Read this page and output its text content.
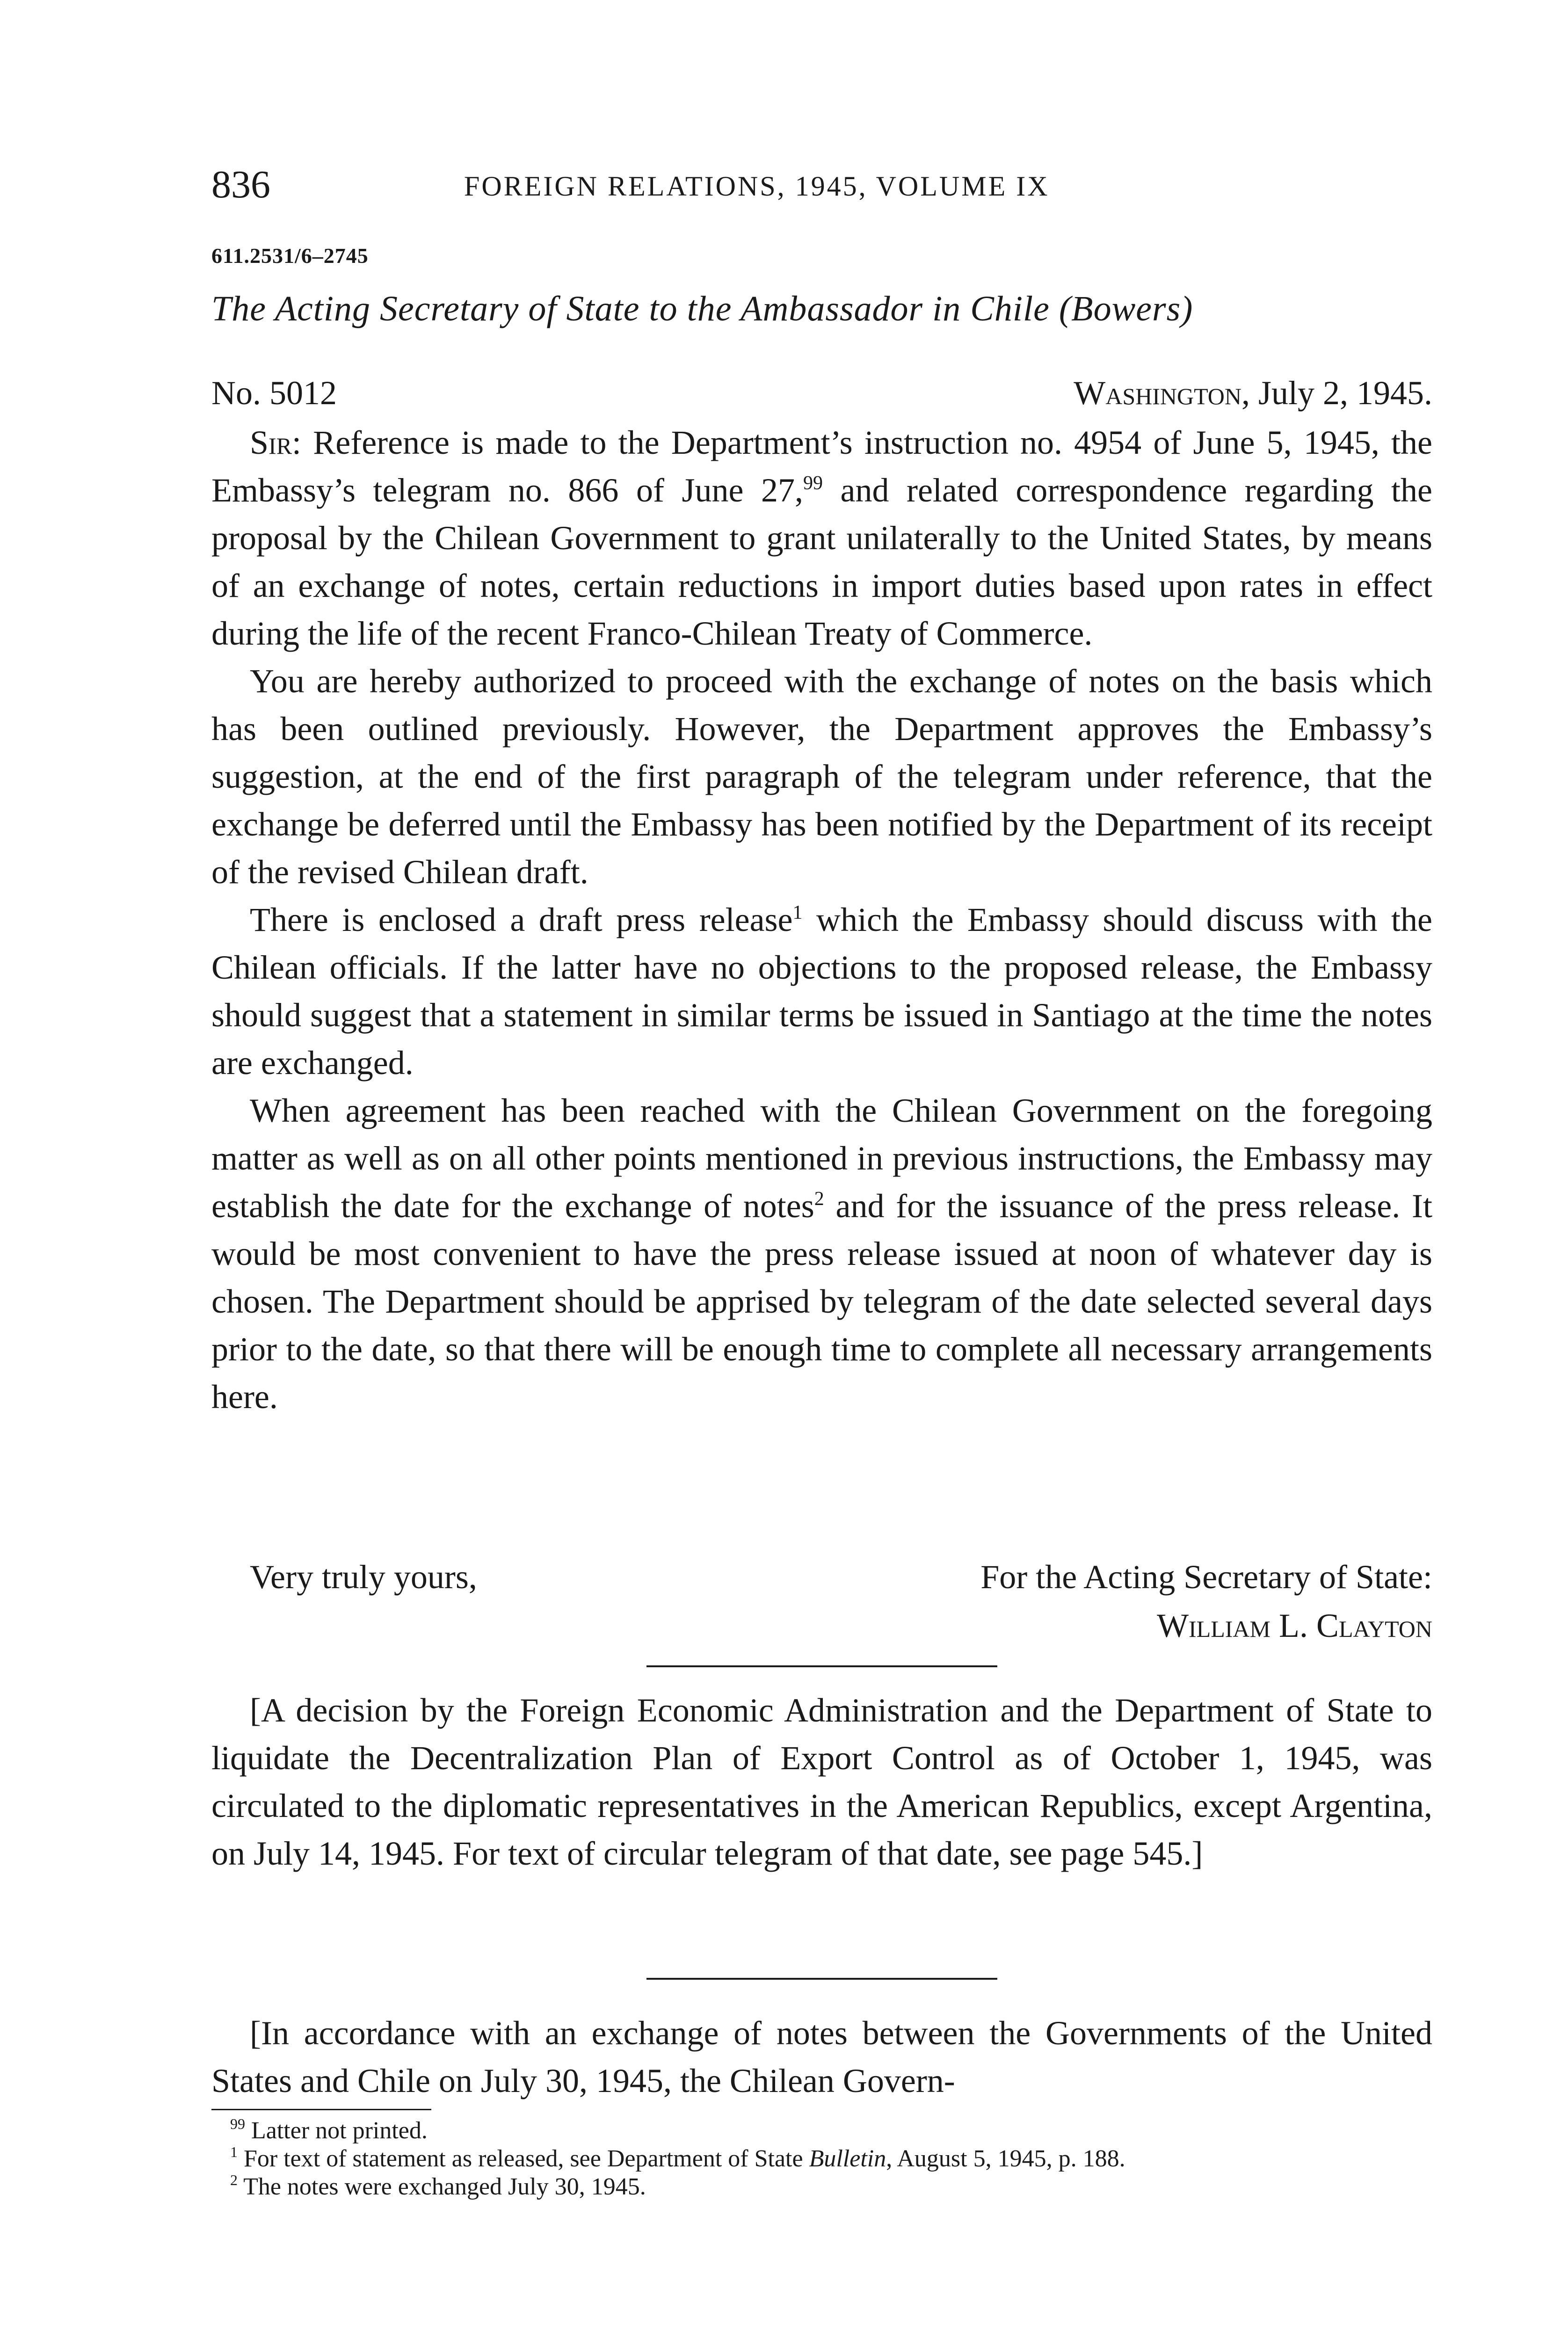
836	FOREIGN RELATIONS, 1945, VOLUME IX
611.2531/6–2745
The Acting Secretary of State to the Ambassador in Chile (Bowers)
No. 5012	Washington, July 2, 1945.

Sir: Reference is made to the Department’s instruction no. 4954 of June 5, 1945, the Embassy’s telegram no. 866 of June 27,99 and related correspondence regarding the proposal by the Chilean Government to grant unilaterally to the United States, by means of an exchange of notes, certain reductions in import duties based upon rates in effect during the life of the recent Franco-Chilean Treaty of Commerce.

You are hereby authorized to proceed with the exchange of notes on the basis which has been outlined previously. However, the Department approves the Embassy’s suggestion, at the end of the first paragraph of the telegram under reference, that the exchange be deferred until the Embassy has been notified by the Department of its receipt of the revised Chilean draft.

There is enclosed a draft press release$^1$ which the Embassy should discuss with the Chilean officials. If the latter have no objections to the proposed release, the Embassy should suggest that a statement in similar terms be issued in Santiago at the time the notes are exchanged.

When agreement has been reached with the Chilean Government on the foregoing matter as well as on all other points mentioned in previous instructions, the Embassy may establish the date for the exchange of notes$^2$ and for the issuance of the press release. It would be most convenient to have the press release issued at noon of whatever day is chosen. The Department should be apprised by telegram of the date selected several days prior to the date, so that there will be enough time to complete all necessary arrangements here.

Very truly yours,	For the Acting Secretary of State:
William L. Clayton

[A decision by the Foreign Economic Administration and the Department of State to liquidate the Decentralization Plan of Export Control as of October 1, 1945, was circulated to the diplomatic representatives in the American Republics, except Argentina, on July 14, 1945. For text of circular telegram of that date, see page 545.]

[In accordance with an exchange of notes between the Governments of the United States and Chile on July 30, 1945, the Chilean Govern-

$^{99}$ Latter not printed.

$^1$ For text of statement as released, see Department of State Bulletin, August 5, 1945, p. 188.

$^2$ The notes were exchanged July 30, 1945.
